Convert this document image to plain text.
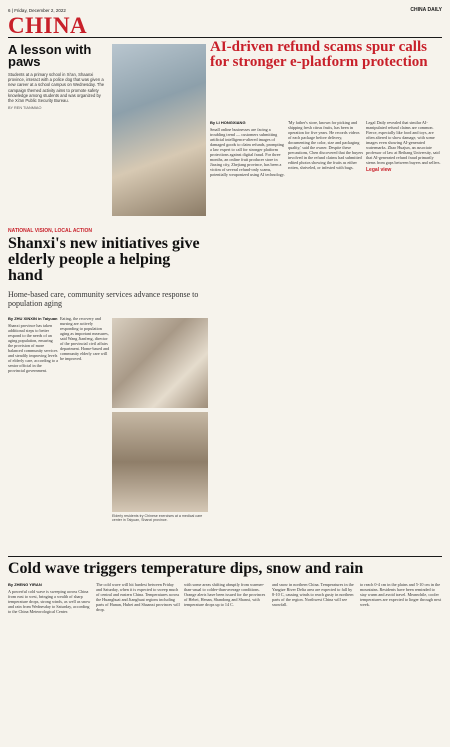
6 | Friday, December 2, 2022	CHINA DAILY
CHINA
A lesson with paws
Students at a primary school in Xi'an, Shaanxi province, interact with a police dog that was given a new career at a school campus on Wednesday. The campaign themed activity aims to promote safety knowledge among students and was organized by the Xi'an Public Security Bureau.
BY REN TIANMIAO
AI-driven refund scams spur calls for stronger e-platform protection
By LI HONGXIANG
Small online businesses are facing a troubling trend — customers submitting artificial intelligence-altered images of damaged goods to claim refunds, prompting a law expert to call for stronger platform protections against digital fraud. For three months, an online fruit producer store in Jiaxing city, Zhejiang province, has been a victim of several refund-only scams, potentially weaponized using AI technology.
'My father's store, known for picking and shipping fresh citrus fruits, has been in operation for five years. He records videos of each package before delivery, documenting the color, size and packaging quality,' said the owner. Despite these precautions, Chen discovered that the buyers involved in the refund claims had submitted edited photos showing the fruits as either rotten, shriveled, or infested with bugs.
Legal Daily revealed that similar AI-manipulated refund claims are common. Fierce, especially like food and toys, are often altered to show damage, with some images even showing AI-generated watermarks. Zhao Huajun, an associate professor of law at Beihang University, said that AI-generated refund fraud primarily stems from gaps between buyers and sellers.
Legal view
NATIONAL VISION, LOCAL ACTION
Shanxi's new initiatives give elderly people a helping hand
Home-based care, community services advance response to population aging
By ZHU XINXIN in Taiyuan
Shanxi province has taken additional steps to better respond to the needs of an aging population, ensuring the provision of more balanced community services and steadily improving levels of elderly care, according to a senior official in the provincial government.
Eating, the recovery and nursing are actively responding to population aging as important measures, said Wang Jianfeng, director of the provincial civil affairs department. Home-based and community elderly care will be improved.
Elderly residents try Chinese exercises at a medical care center in Taiyuan, Shanxi province.
Cold wave triggers temperature dips, snow and rain
By ZHENG YIRAN
A powerful cold wave is sweeping across China from east to west, bringing a wealth of sharp temperature drops, strong winds, as well as snow and rain from Wednesday to Saturday, according to the China Meteorological Center.
The cold wave will hit hardest between Friday and Saturday, when it is expected to sweep much of central and eastern China. Temperatures across the Huanghuai and Jianghuai regions including parts of Hunan, Hubei and Shaanxi provinces will drop.
with some areas shifting abruptly from warmer-than-usual to colder-than-average conditions. Orange alerts have been issued for the provinces of Hebei, Henan, Shandong and Shanxi, with temperature drops up to 14 C.
and snow in northern China. Temperatures in the Yangtze River Delta area are expected to fall by 8-10 C, causing winds to reach gusty in northern parts of the region. Northwest China will see snowfall.
to reach 0-4 cm in the plains and 5-10 cm in the mountains. Residents have been reminded to stay warm and avoid travel. Meanwhile, cooler temperatures are expected to linger through next week.
